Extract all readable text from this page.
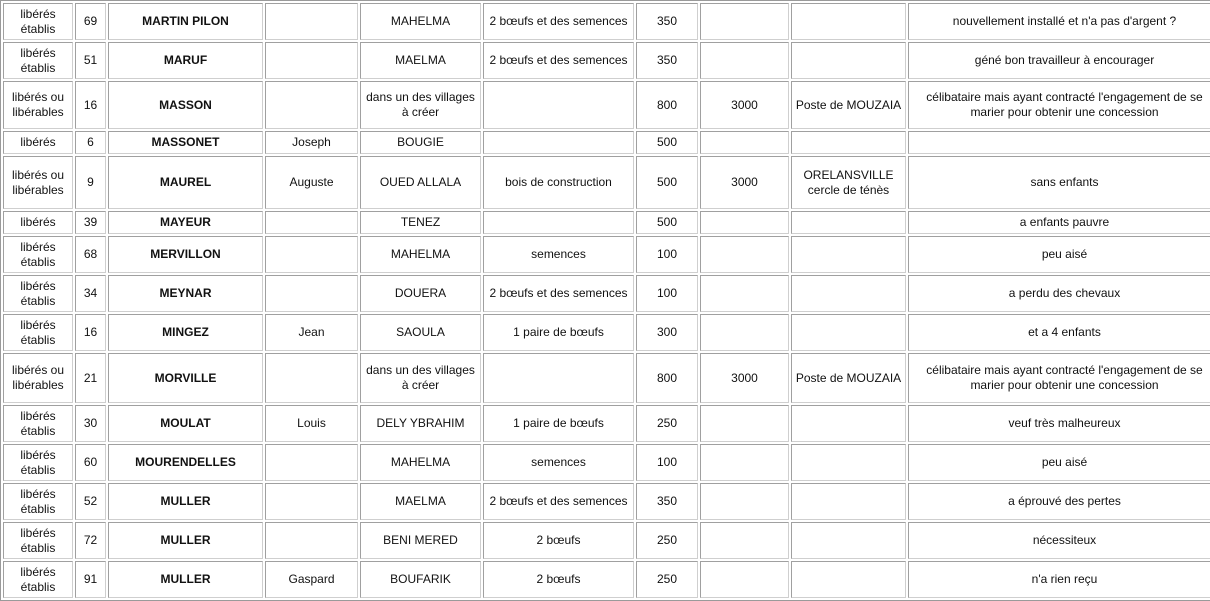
libérés établis	69	MARTIN PILON		MAHELMA	2 bœufs et des semences	350			nouvellement installé et n'a pas d'argent ?
libérés établis	51	MARUF		MAELMA	2 bœufs et des semences	350			géné bon travailleur à encourager
libérés ou libérables	16	MASSON		dans un des villages à créer		800	3000	Poste de MOUZAIA	célibataire mais ayant contracté l'engagement de se marier pour obtenir une concession
libérés	6	MASSONET	Joseph	BOUGIE		500			
libérés ou libérables	9	MAUREL	Auguste	OUED ALLALA	bois de construction	500	3000	ORELANSVILLE cercle de ténès	sans enfants
libérés	39	MAYEUR		TENEZ		500			a enfants pauvre
libérés établis	68	MERVILLON		MAHELMA	semences	100			peu aisé
libérés établis	34	MEYNAR		DOUERA	2 bœufs et des semences	100			a perdu des chevaux
libérés établis	16	MINGEZ	Jean	SAOULA	1 paire de bœufs	300			et a 4 enfants
libérés ou libérables	21	MORVILLE		dans un des villages à créer		800	3000	Poste de MOUZAIA	célibataire mais ayant contracté l'engagement de se marier pour obtenir une concession
libérés établis	30	MOULAT	Louis	DELY YBRAHIM	1 paire de bœufs	250			veuf très malheureux
libérés établis	60	MOURENDELLES		MAHELMA	semences	100			peu aisé
libérés établis	52	MULLER		MAELMA	2 bœufs et des semences	350			a éprouvé des pertes
libérés établis	72	MULLER		BENI MERED	2 bœufs	250			nécessiteux
libérés établis	91	MULLER	Gaspard	BOUFARIK	2 bœufs	250			n'a rien reçu
